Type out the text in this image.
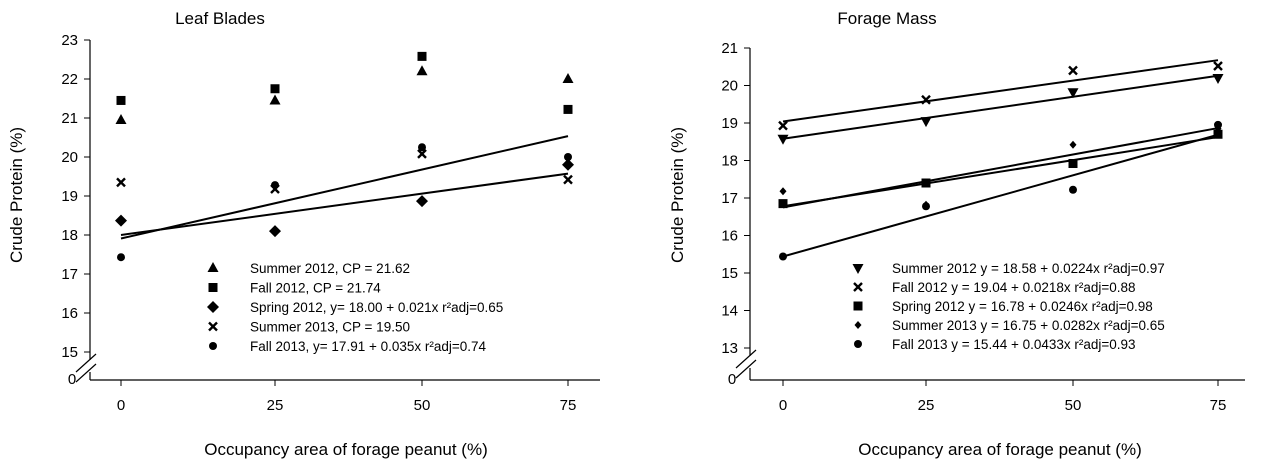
Leaf Blades
Crude Protein (%)
Occupancy area of forage peanut (%)
15
16
17
18
19
20
21
22
23
0
0	25	50	75
Summer 2012, CP = 21.62
Fall 2012, CP = 21.74
Spring 2012, y= 18.00 + 0.021x r²adj=0.65
Summer 2013, CP = 19.50
Fall 2013, y= 17.91 + 0.035x r²adj=0.74
Forage Mass
Crude Protein (%)
Occupancy area of forage peanut (%)
13
14
15
16
17
18
19
20
21
0
0	25	50	75
Summer 2012 y = 18.58 + 0.0224x r²adj=0.97
Fall 2012 y = 19.04 + 0.0218x r²adj=0.88
Spring 2012 y = 16.78 + 0.0246x r²adj=0.98
Summer 2013 y = 16.75 + 0.0282x r²adj=0.65
Fall 2013 y = 15.44 + 0.0433x r²adj=0.93
